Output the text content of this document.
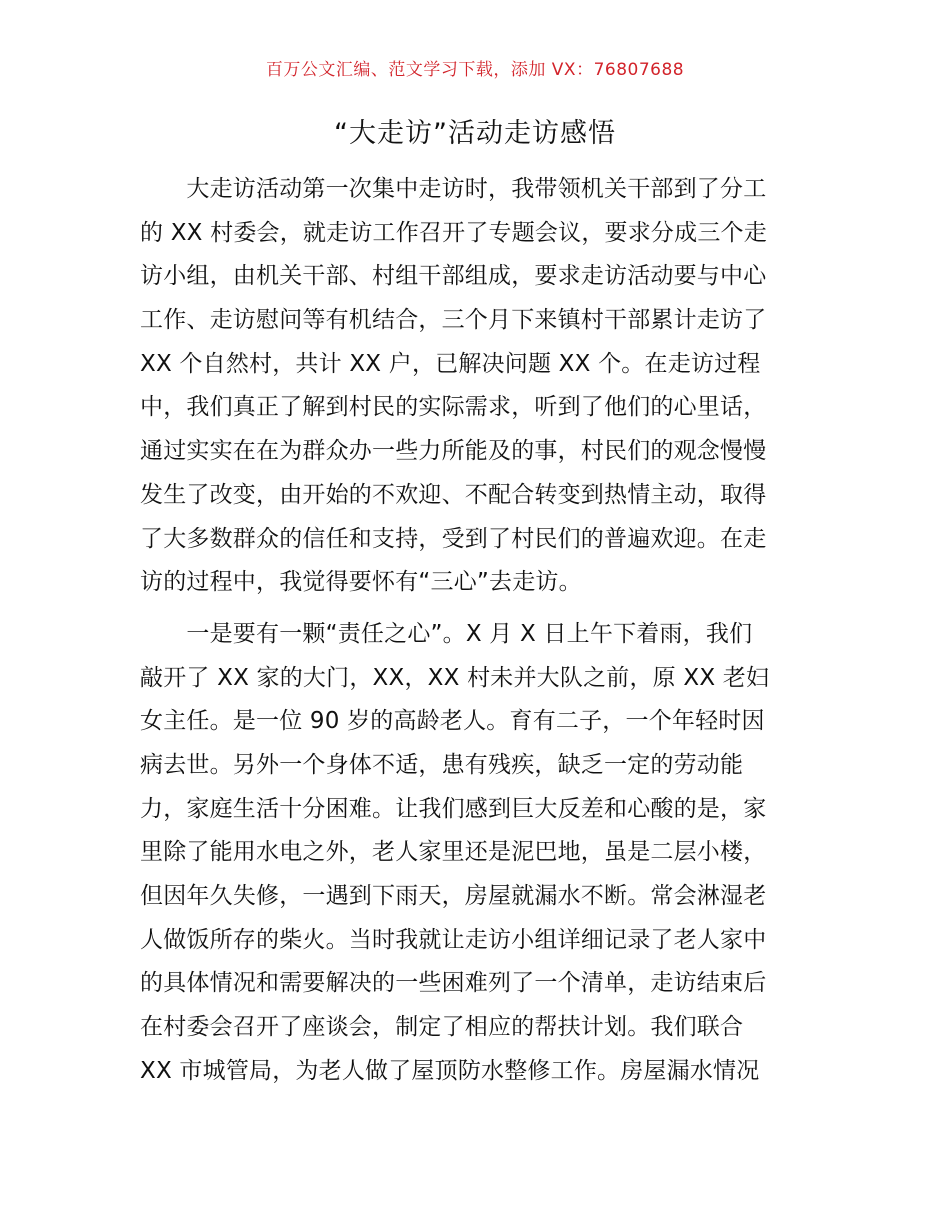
百万公文汇编、范文学习下载，添加 VX：76807688
“大走访”活动走访感悟
　　大走访活动第一次集中走访时，我带领机关干部到了分工
的 XX 村委会，就走访工作召开了专题会议，要求分成三个走
访小组，由机关干部、村组干部组成，要求走访活动要与中心
工作、走访慰问等有机结合，三个月下来镇村干部累计走访了
XX 个自然村，共计 XX 户，已解决问题 XX 个。在走访过程
中，我们真正了解到村民的实际需求，听到了他们的心里话，
通过实实在在为群众办一些力所能及的事，村民们的观念慢慢
发生了改变，由开始的不欢迎、不配合转变到热情主动，取得
了大多数群众的信任和支持，受到了村民们的普遍欢迎。在走
访的过程中，我觉得要怀有“三心”去走访。
　　一是要有一颗“责任之心”。X 月 X 日上午下着雨，我们
敲开了 XX 家的大门，XX，XX 村未并大队之前，原 XX 老妇
女主任。是一位 90 岁的高龄老人。育有二子，一个年轻时因
病去世。另外一个身体不适，患有残疾，缺乏一定的劳动能
力，家庭生活十分困难。让我们感到巨大反差和心酸的是，家
里除了能用水电之外，老人家里还是泥巴地，虽是二层小楼，
但因年久失修，一遇到下雨天，房屋就漏水不断。常会淋湿老
人做饭所存的柴火。当时我就让走访小组详细记录了老人家中
的具体情况和需要解决的一些困难列了一个清单，走访结束后
在村委会召开了座谈会，制定了相应的帮扶计划。我们联合
XX 市城管局，为老人做了屋顶防水整修工作。房屋漏水情况
